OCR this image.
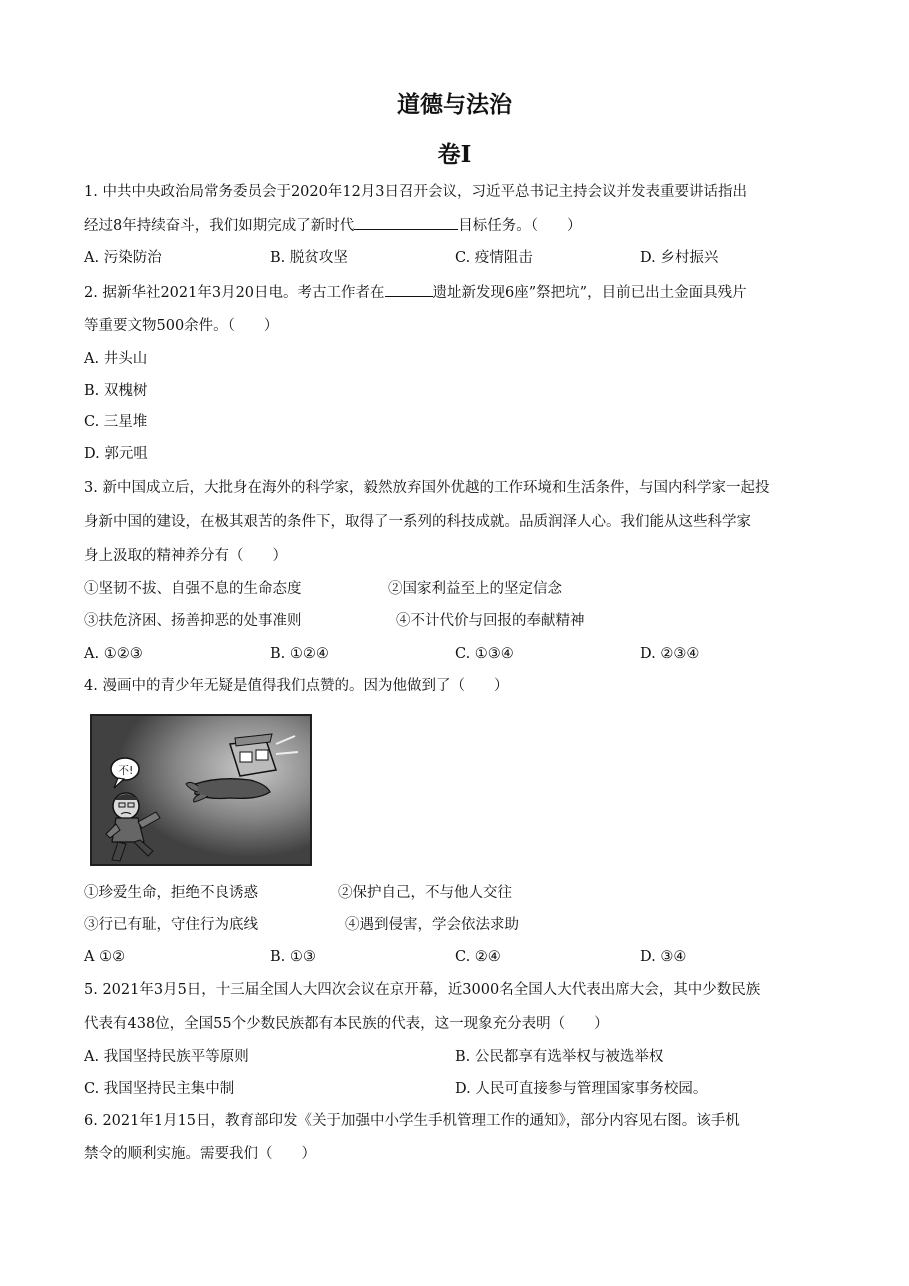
道德与法治
卷I
1. 中共中央政治局常务委员会于2020年12月3日召开会议，习近平总书记主持会议并发表重要讲话指出
经过8年持续奋斗，我们如期完成了新时代	目标任务。（　　）
A. 污染防治	B. 脱贫攻坚	C. 疫情阻击	D. 乡村振兴
2. 据新华社2021年3月20日电。考古工作者在	遗址新发现6座”祭把坑”，目前已出土金面具残片
等重要文物500余件。（　　）
A. 井头山
B. 双槐树
C. 三星堆
D. 郭元咀
3. 新中国成立后，大批身在海外的科学家，毅然放弃国外优越的工作环境和生活条件，与国内科学家一起投
身新中国的建设，在极其艰苦的条件下，取得了一系列的科技成就。品质润泽人心。我们能从这些科学家
身上汲取的精神养分有（　　）
①坚韧不拔、自强不息的生命态度	②国家利益至上的坚定信念
③扶危济困、扬善抑恶的处事准则	④不计代价与回报的奉献精神
A. ①②③	B. ①②④	C. ①③④	D. ②③④
4. 漫画中的青少年无疑是值得我们点赞的。因为他做到了（　　）
不!
①珍爱生命，拒绝不良诱惑	②保护自己，不与他人交往
③行已有耻，守住行为底线	④遇到侵害，学会依法求助
A ①②	B. ①③	C. ②④	D. ③④
5. 2021年3月5日，十三届全国人大四次会议在京开幕，近3000名全国人大代表出席大会，其中少数民族
代表有438位，全国55个少数民族都有本民族的代表，这一现象充分表明（　　）
A. 我国坚持民族平等原则	B. 公民都享有选举权与被选举权
C. 我国坚持民主集中制	D. 人民可直接参与管理国家事务校园。
6. 2021年1月15日，教育部印发《关于加强中小学生手机管理工作的通知》，部分内容见右图。该手机
禁令的顺利实施。需要我们（　　）
